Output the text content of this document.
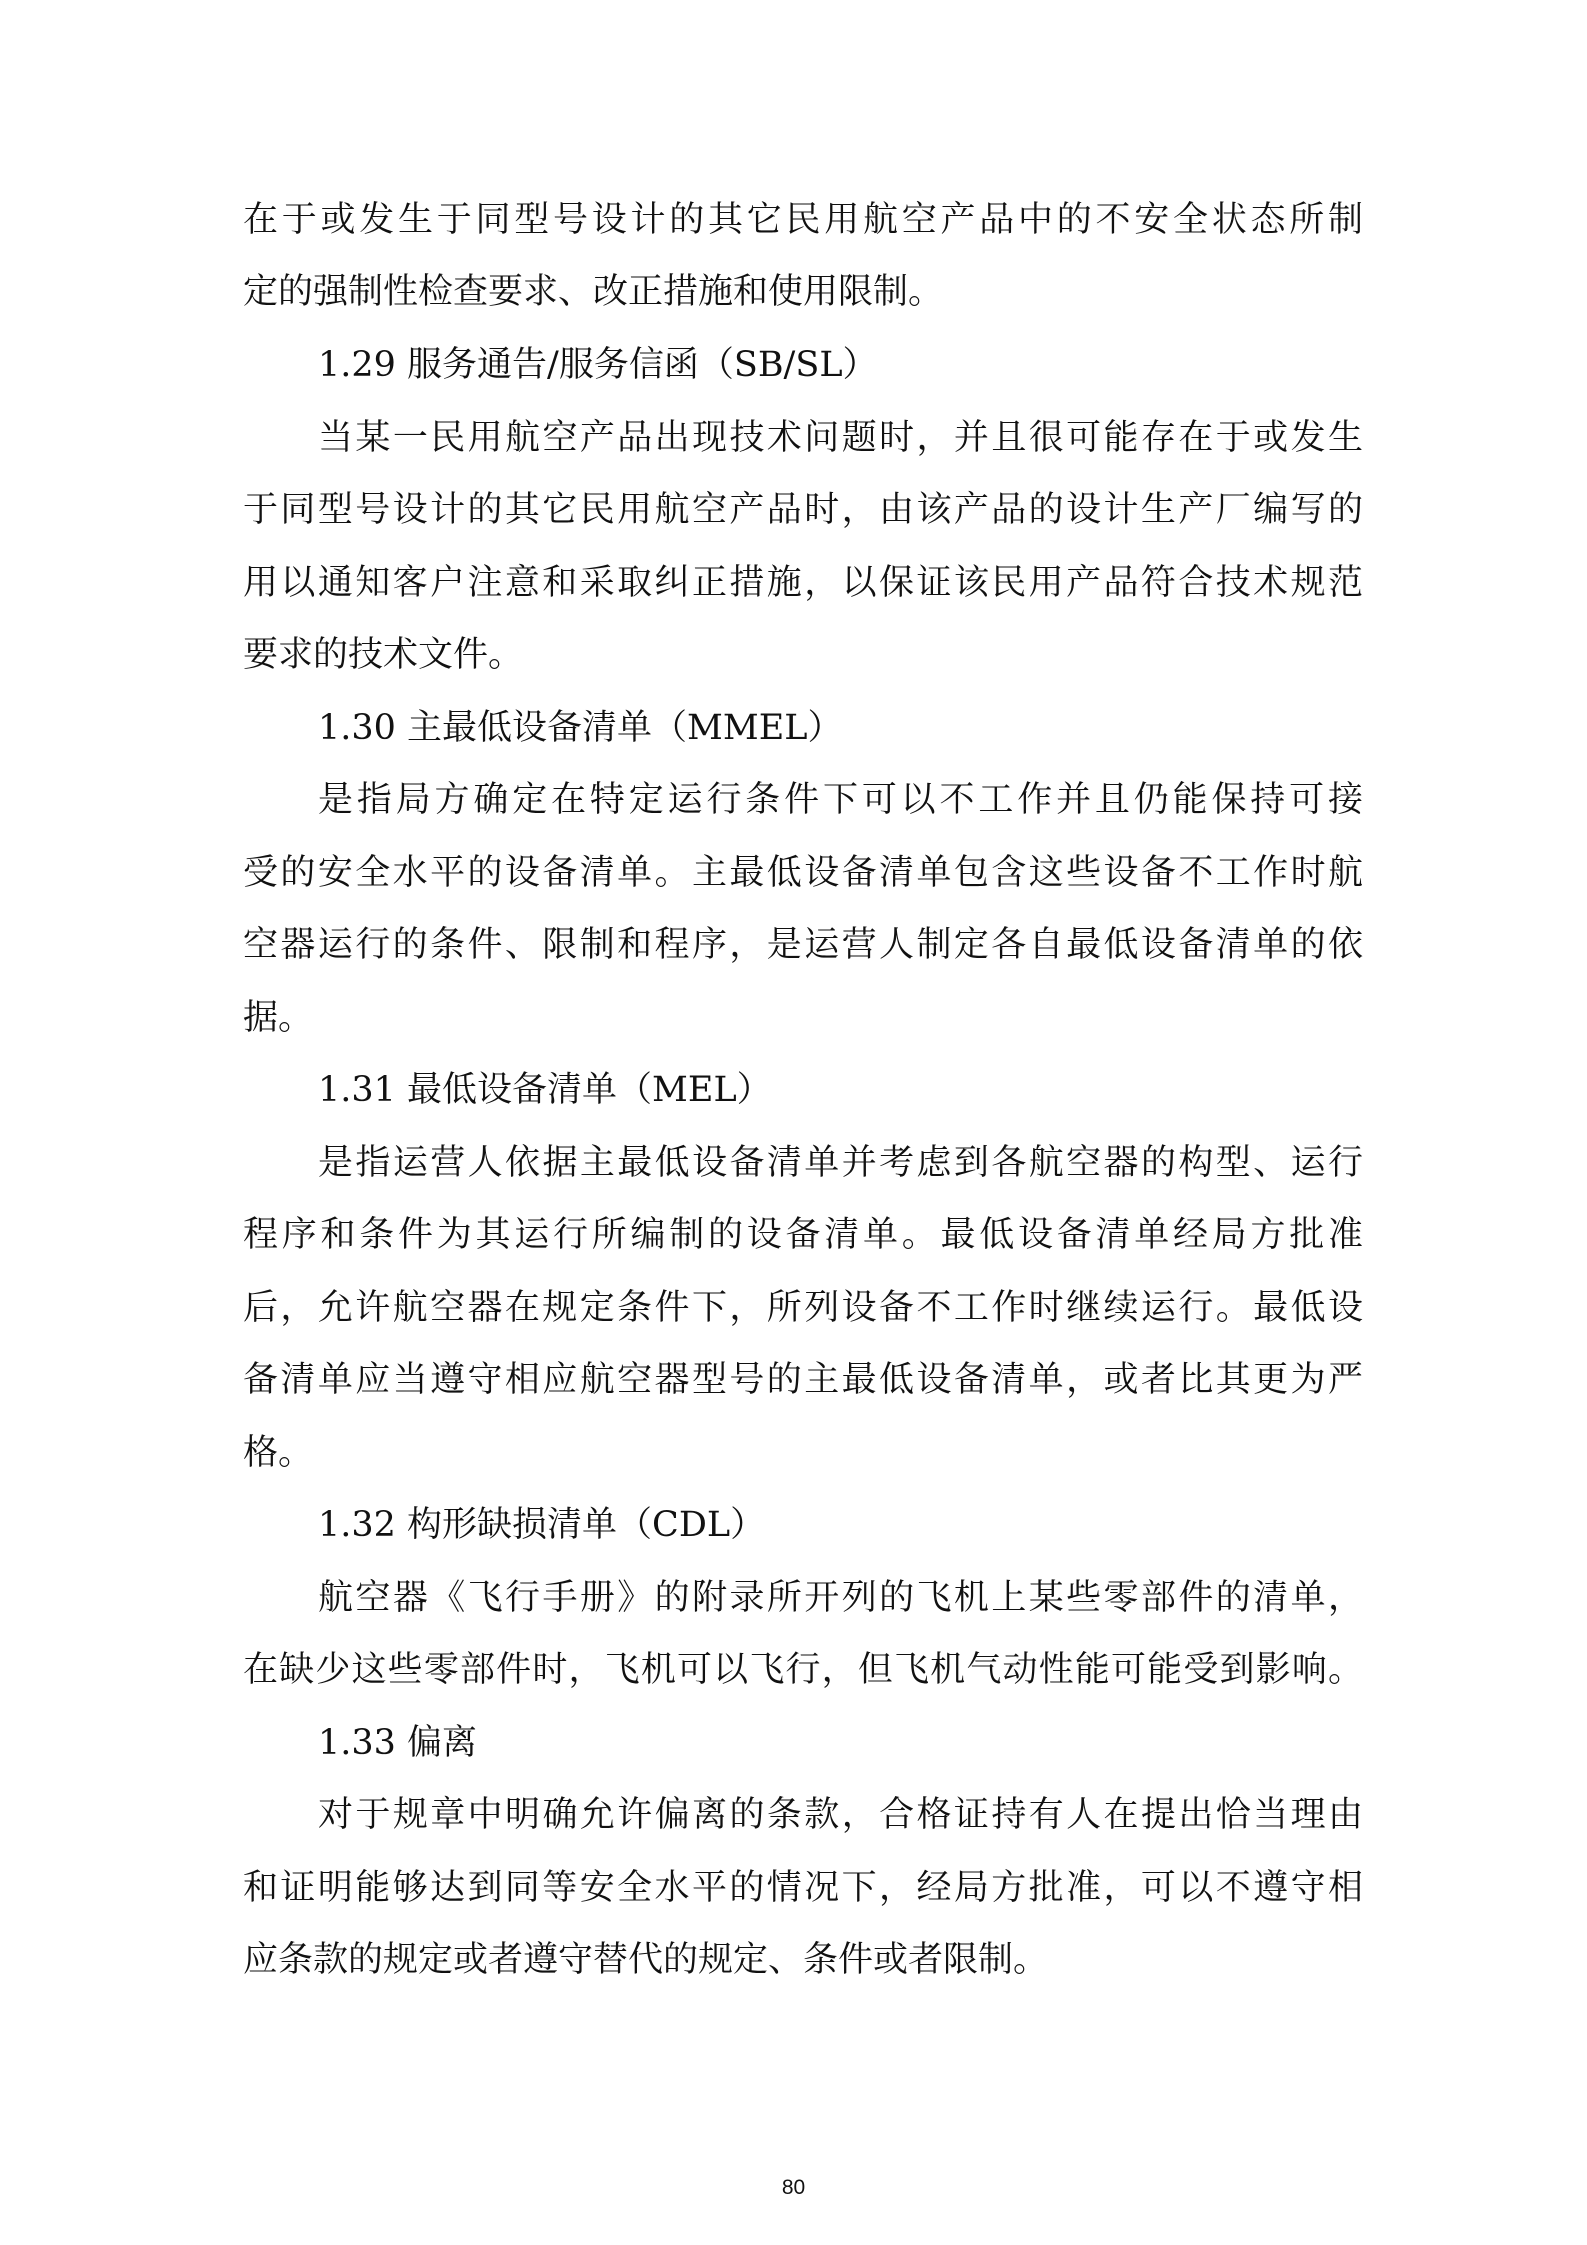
在于或发生于同型号设计的其它民用航空产品中的不安全状态所制
定的强制性检查要求、改正措施和使用限制。
1.29 服务通告/服务信函（SB/SL）
当某一民用航空产品出现技术问题时，并且很可能存在于或发生
于同型号设计的其它民用航空产品时，由该产品的设计生产厂编写的
用以通知客户注意和采取纠正措施，以保证该民用产品符合技术规范
要求的技术文件。
1.30 主最低设备清单（MMEL）
是指局方确定在特定运行条件下可以不工作并且仍能保持可接
受的安全水平的设备清单。主最低设备清单包含这些设备不工作时航
空器运行的条件、限制和程序，是运营人制定各自最低设备清单的依
据。
1.31 最低设备清单（MEL）
是指运营人依据主最低设备清单并考虑到各航空器的构型、运行
程序和条件为其运行所编制的设备清单。最低设备清单经局方批准
后，允许航空器在规定条件下，所列设备不工作时继续运行。最低设
备清单应当遵守相应航空器型号的主最低设备清单，或者比其更为严
格。
1.32 构形缺损清单（CDL）
航空器《飞行手册》的附录所开列的飞机上某些零部件的清单，
在缺少这些零部件时，飞机可以飞行，但飞机气动性能可能受到影响。
1.33 偏离
对于规章中明确允许偏离的条款，合格证持有人在提出恰当理由
和证明能够达到同等安全水平的情况下，经局方批准，可以不遵守相
应条款的规定或者遵守替代的规定、条件或者限制。
80
